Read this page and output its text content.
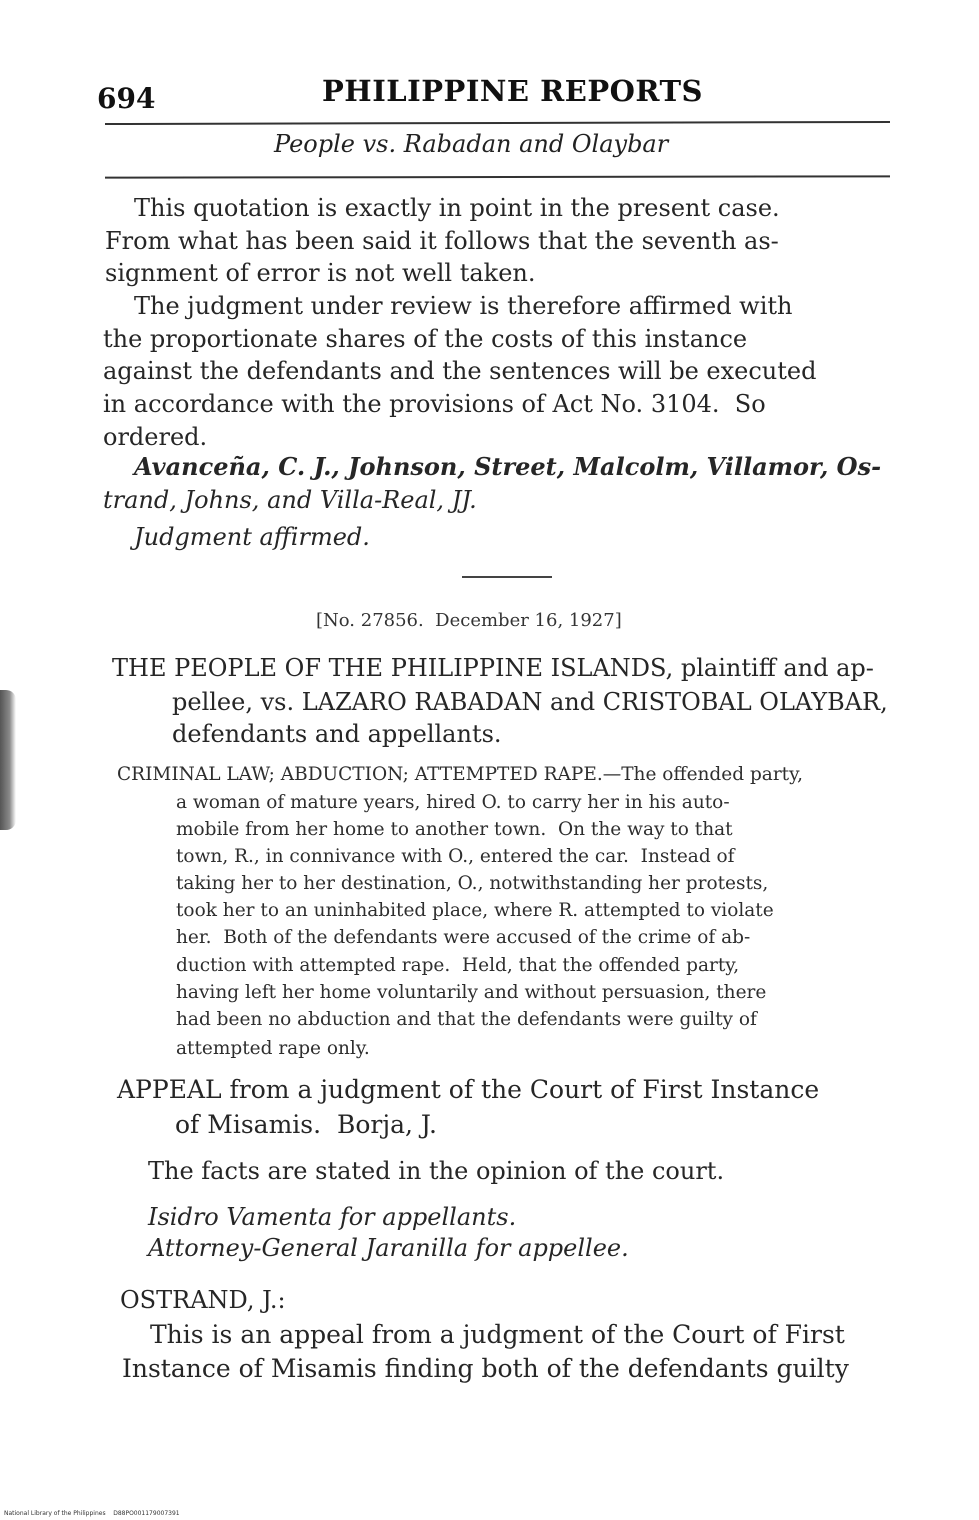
694	PHILIPPINE REPORTS
People vs. Rabadan and Olaybar
This quotation is exactly in point in the present case.
From what has been said it follows that the seventh as-
signment of error is not well taken.
The judgment under review is therefore affirmed with
the proportionate shares of the costs of this instance
against the defendants and the sentences will be executed
in accordance with the provisions of Act No. 3104.  So
ordered.
Avanceña, C. J., Johnson, Street, Malcolm, Villamor, Os-
trand, Johns, and Villa-Real, JJ.
Judgment affirmed.
[No. 27856.  December 16, 1927]
THE PEOPLE OF THE PHILIPPINE ISLANDS, plaintiff and ap-
pellee, vs. LAZARO RABADAN and CRISTOBAL OLAYBAR,
defendants and appellants.
CRIMINAL LAW; ABDUCTION; ATTEMPTED RAPE.—The offended party,
a woman of mature years, hired O. to carry her in his auto-
mobile from her home to another town.  On the way to that
town, R., in connivance with O., entered the car.  Instead of
taking her to her destination, O., notwithstanding her protests,
took her to an uninhabited place, where R. attempted to violate
her.  Both of the defendants were accused of the crime of ab-
duction with attempted rape.  Held, that the offended party,
having left her home voluntarily and without persuasion, there
had been no abduction and that the defendants were guilty of
attempted rape only.
APPEAL from a judgment of the Court of First Instance
of Misamis.  Borja, J.
The facts are stated in the opinion of the court.
Isidro Vamenta for appellants.
Attorney-General Jaranilla for appellee.
OSTRAND, J.:
This is an appeal from a judgment of the Court of First
Instance of Misamis finding both of the defendants guilty
National Library of the Philippines    D88PO001179007391
